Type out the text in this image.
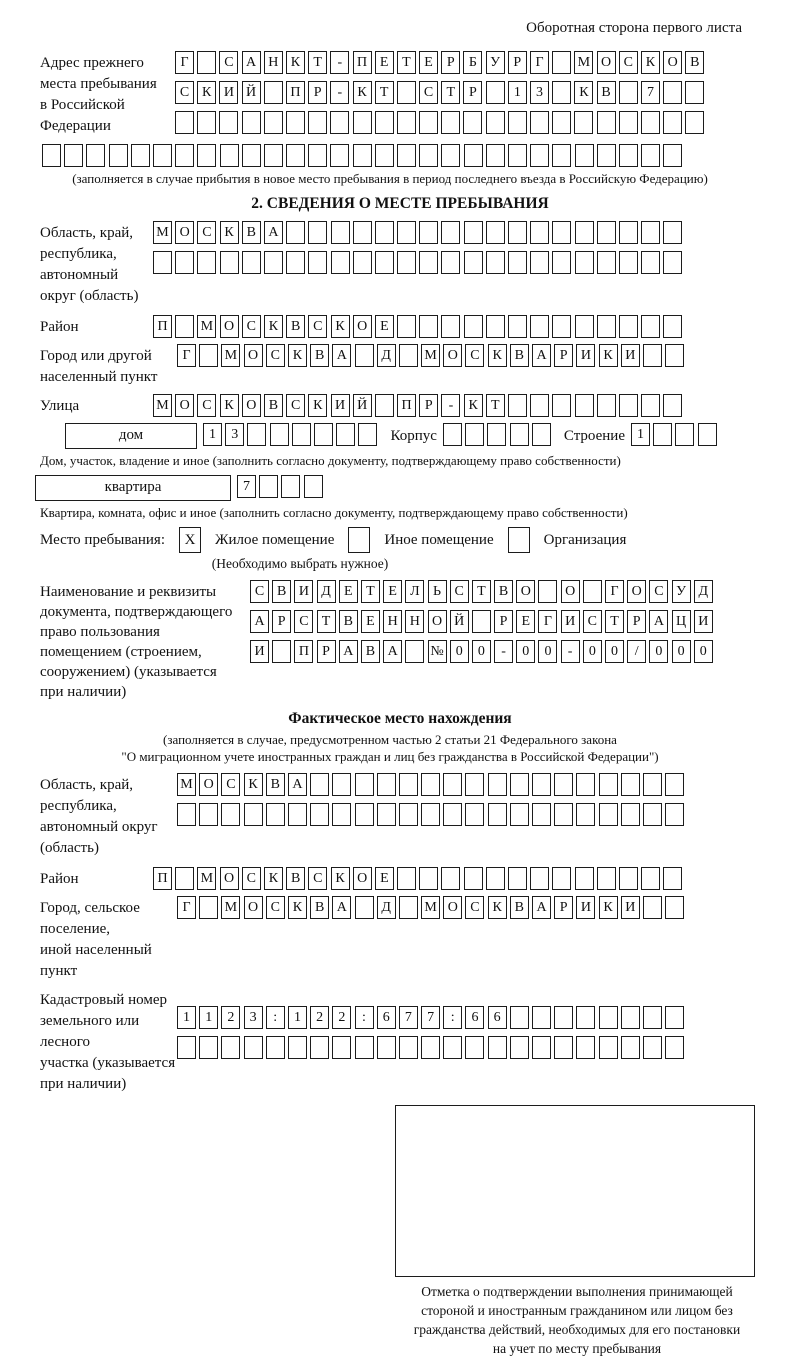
Оборотная сторона первого листа
Адрес прежнего
места пребывания
в Российской
Федерации
Г	С А Н К Т - П Е Т Е Р Б У Р Г М О С К О В
С К И Й П Р - К Т	С Т Р	1 3	К В	7
(заполняется в случае прибытия в новое место пребывания в период последнего въезда в Российскую Федерацию)
2. СВЕДЕНИЯ О МЕСТЕ ПРЕБЫВАНИЯ
Область, край,
республика,
автономный
округ (область)
М О С К В А
Район	П М О С К В С К О Е
Город или другой
населенный пункт
Г М О С К В А Д М О С К В А Р И К И
Улица	М О С К О В С К И Й П Р - К Т
дом	1 3	Корпус	Строение 1
Дом, участок, владение и иное (заполнить согласно документу, подтверждающему право собственности)
квартира	7
Квартира, комната, офис и иное (заполнить согласно документу, подтверждающему право собственности)
Место пребывания:	X	Жилое помещение	Иное помещение	Организация
(Необходимо выбрать нужное)
Наименование и реквизиты
документа, подтверждающего
право пользования
помещением (строением,
сооружением) (указывается
при наличии)
С В И Д Е Т Е Л Ь С Т В О О	Г О С У Д
А Р С Т В Е Н Н О Й	Р Е Г И С Т Р А Ц И
И П Р А В А № 0 0 - 0 0 - 0 0 / 0 0 0
Фактическое место нахождения
(заполняется в случае, предусмотренном частью 2 статьи 21 Федерального закона
"О миграционном учете иностранных граждан и лиц без гражданства в Российской Федерации")
Область, край,
республика,
автономный округ
(область)
М О С К В А
Район	П М О С К В С К О Е
Город, сельское поселение,
иной населенный пункт
Г М О С К В А Д М О С К В А Р И К И
Кадастровый номер
земельного или лесного
участка (указывается
при наличии)
1 1 2 3 : 1 2 2 : 6 7 7 : 6 6
Отметка о подтверждении выполнения принимающей
стороной и иностранным гражданином или лицом без
гражданства действий, необходимых для его постановки
на учет по месту пребывания
